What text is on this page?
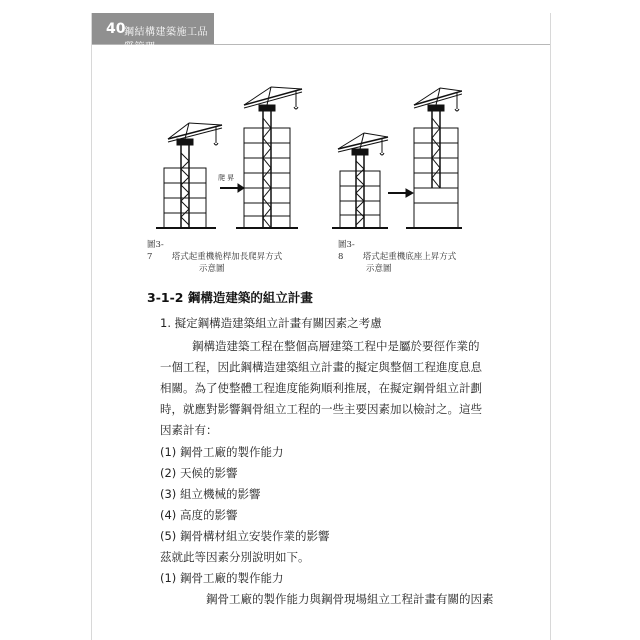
40
鋼結構建築施工品質管理
爬 昇
圖3-7 塔式起重機桅桿加長爬昇方式
示意圖
圖3-8 塔式起重機底座上昇方式
示意圖
3-1-2 鋼構造建築的組立計畫
1. 擬定鋼構造建築組立計畫有關因素之考慮
鋼構造建築工程在整個高層建築工程中是屬於要徑作業的
一個工程，因此鋼構造建築組立計畫的擬定與整個工程進度息息
相關。為了使整體工程進度能夠順利推展，在擬定鋼骨組立計劃
時，就應對影響鋼骨組立工程的一些主要因素加以檢討之。這些
因素計有：
(1) 鋼骨工廠的製作能力
(2) 天候的影響
(3) 組立機械的影響
(4) 高度的影響
(5) 鋼骨構材組立安裝作業的影響
茲就此等因素分別說明如下。
(1) 鋼骨工廠的製作能力
鋼骨工廠的製作能力與鋼骨現場組立工程計畫有關的因素
